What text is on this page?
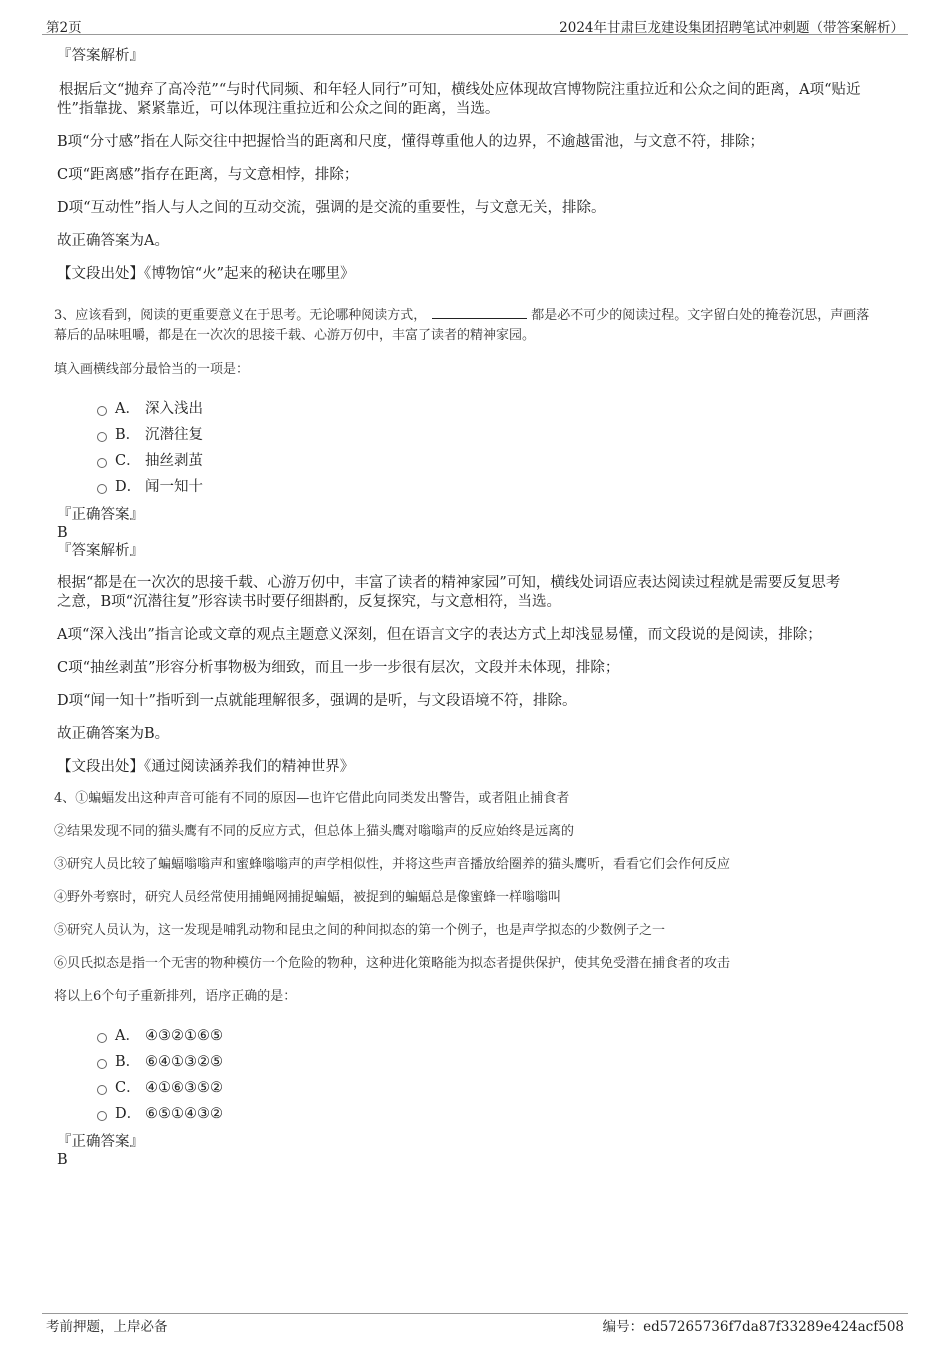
第2页	2024年甘肃巨龙建设集团招聘笔试冲刺题（带答案解析）

『答案解析』

根据后文“抛弃了高冷范”“与时代同频、和年轻人同行”可知，横线处应体现故宫博物院注重拉近和公众之间的距离，A项“贴近

性”指靠拢、紧紧靠近，可以体现注重拉近和公众之间的距离，当选。

B项“分寸感”指在人际交往中把握恰当的距离和尺度，懂得尊重他人的边界，不逾越雷池，与文意不符，排除；

C项“距离感”指存在距离，与文意相悖，排除；

D项“互动性”指人与人之间的互动交流，强调的是交流的重要性，与文意无关，排除。

故正确答案为A。

【文段出处】《博物馆“火”起来的秘诀在哪里》

3、应该看到，阅读的更重要意义在于思考。无论哪种阅读方式，	都是必不可少的阅读过程。文字留白处的掩卷沉思，声画落

幕后的品味咀嚼，都是在一次次的思接千载、心游万仞中，丰富了读者的精神家园。

填入画横线部分最恰当的一项是：

A． 深入浅出
B． 沉潜往复
C． 抽丝剥茧
D． 闻一知十

『正确答案』

B

『答案解析』

根据“都是在一次次的思接千载、心游万仞中，丰富了读者的精神家园”可知，横线处词语应表达阅读过程就是需要反复思考

之意，B项“沉潜往复”形容读书时要仔细斟酌，反复探究，与文意相符，当选。

A项“深入浅出”指言论或文章的观点主题意义深刻，但在语言文字的表达方式上却浅显易懂，而文段说的是阅读，排除；

C项“抽丝剥茧”形容分析事物极为细致，而且一步一步很有层次，文段并未体现，排除；

D项“闻一知十”指听到一点就能理解很多，强调的是听，与文段语境不符，排除。

故正确答案为B。

【文段出处】《通过阅读涵养我们的精神世界》

4、①蝙蝠发出这种声音可能有不同的原因—也许它借此向同类发出警告，或者阻止捕食者

②结果发现不同的猫头鹰有不同的反应方式，但总体上猫头鹰对嗡嗡声的反应始终是远离的

③研究人员比较了蝙蝠嗡嗡声和蜜蜂嗡嗡声的声学相似性，并将这些声音播放给圈养的猫头鹰听，看看它们会作何反应

④野外考察时，研究人员经常使用捕蝇网捕捉蝙蝠，被捉到的蝙蝠总是像蜜蜂一样嗡嗡叫

⑤研究人员认为，这一发现是哺乳动物和昆虫之间的种间拟态的第一个例子，也是声学拟态的少数例子之一

⑥贝氏拟态是指一个无害的物种模仿一个危险的物种，这种进化策略能为拟态者提供保护，使其免受潜在捕食者的攻击

将以上6个句子重新排列，语序正确的是：

A． ④③②①⑥⑤
B． ⑥④①③②⑤
C． ④①⑥③⑤②
D． ⑥⑤①④③②

『正确答案』

B

考前押题，上岸必备	编号：ed57265736f7da87f33289e424acf508
